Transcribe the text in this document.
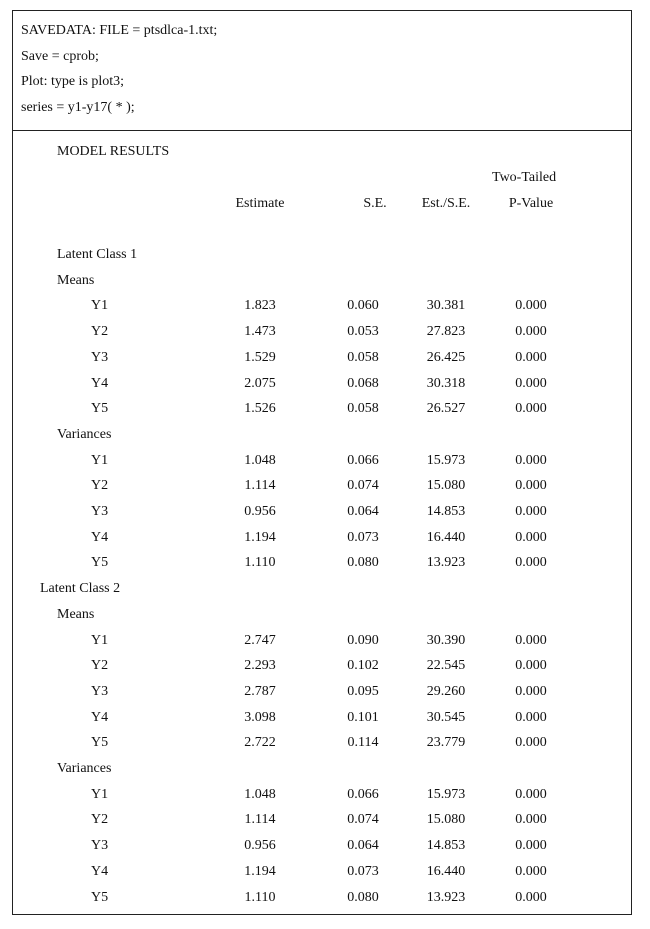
SAVEDATA: FILE = ptsdlca-1.txt;
Save = cprob;
Plot: type is plot3;
series = y1-y17( * );
MODEL RESULTS
Two-Tailed
Estimate	S.E.	Est./S.E.	P-Value
Latent Class 1
Means
Y1	1.823	0.060	30.381	0.000
Y2	1.473	0.053	27.823	0.000
Y3	1.529	0.058	26.425	0.000
Y4	2.075	0.068	30.318	0.000
Y5	1.526	0.058	26.527	0.000
Variances
Y1	1.048	0.066	15.973	0.000
Y2	1.114	0.074	15.080	0.000
Y3	0.956	0.064	14.853	0.000
Y4	1.194	0.073	16.440	0.000
Y5	1.110	0.080	13.923	0.000
Latent Class 2
Means
Y1	2.747	0.090	30.390	0.000
Y2	2.293	0.102	22.545	0.000
Y3	2.787	0.095	29.260	0.000
Y4	3.098	0.101	30.545	0.000
Y5	2.722	0.114	23.779	0.000
Variances
Y1	1.048	0.066	15.973	0.000
Y2	1.114	0.074	15.080	0.000
Y3	0.956	0.064	14.853	0.000
Y4	1.194	0.073	16.440	0.000
Y5	1.110	0.080	13.923	0.000
